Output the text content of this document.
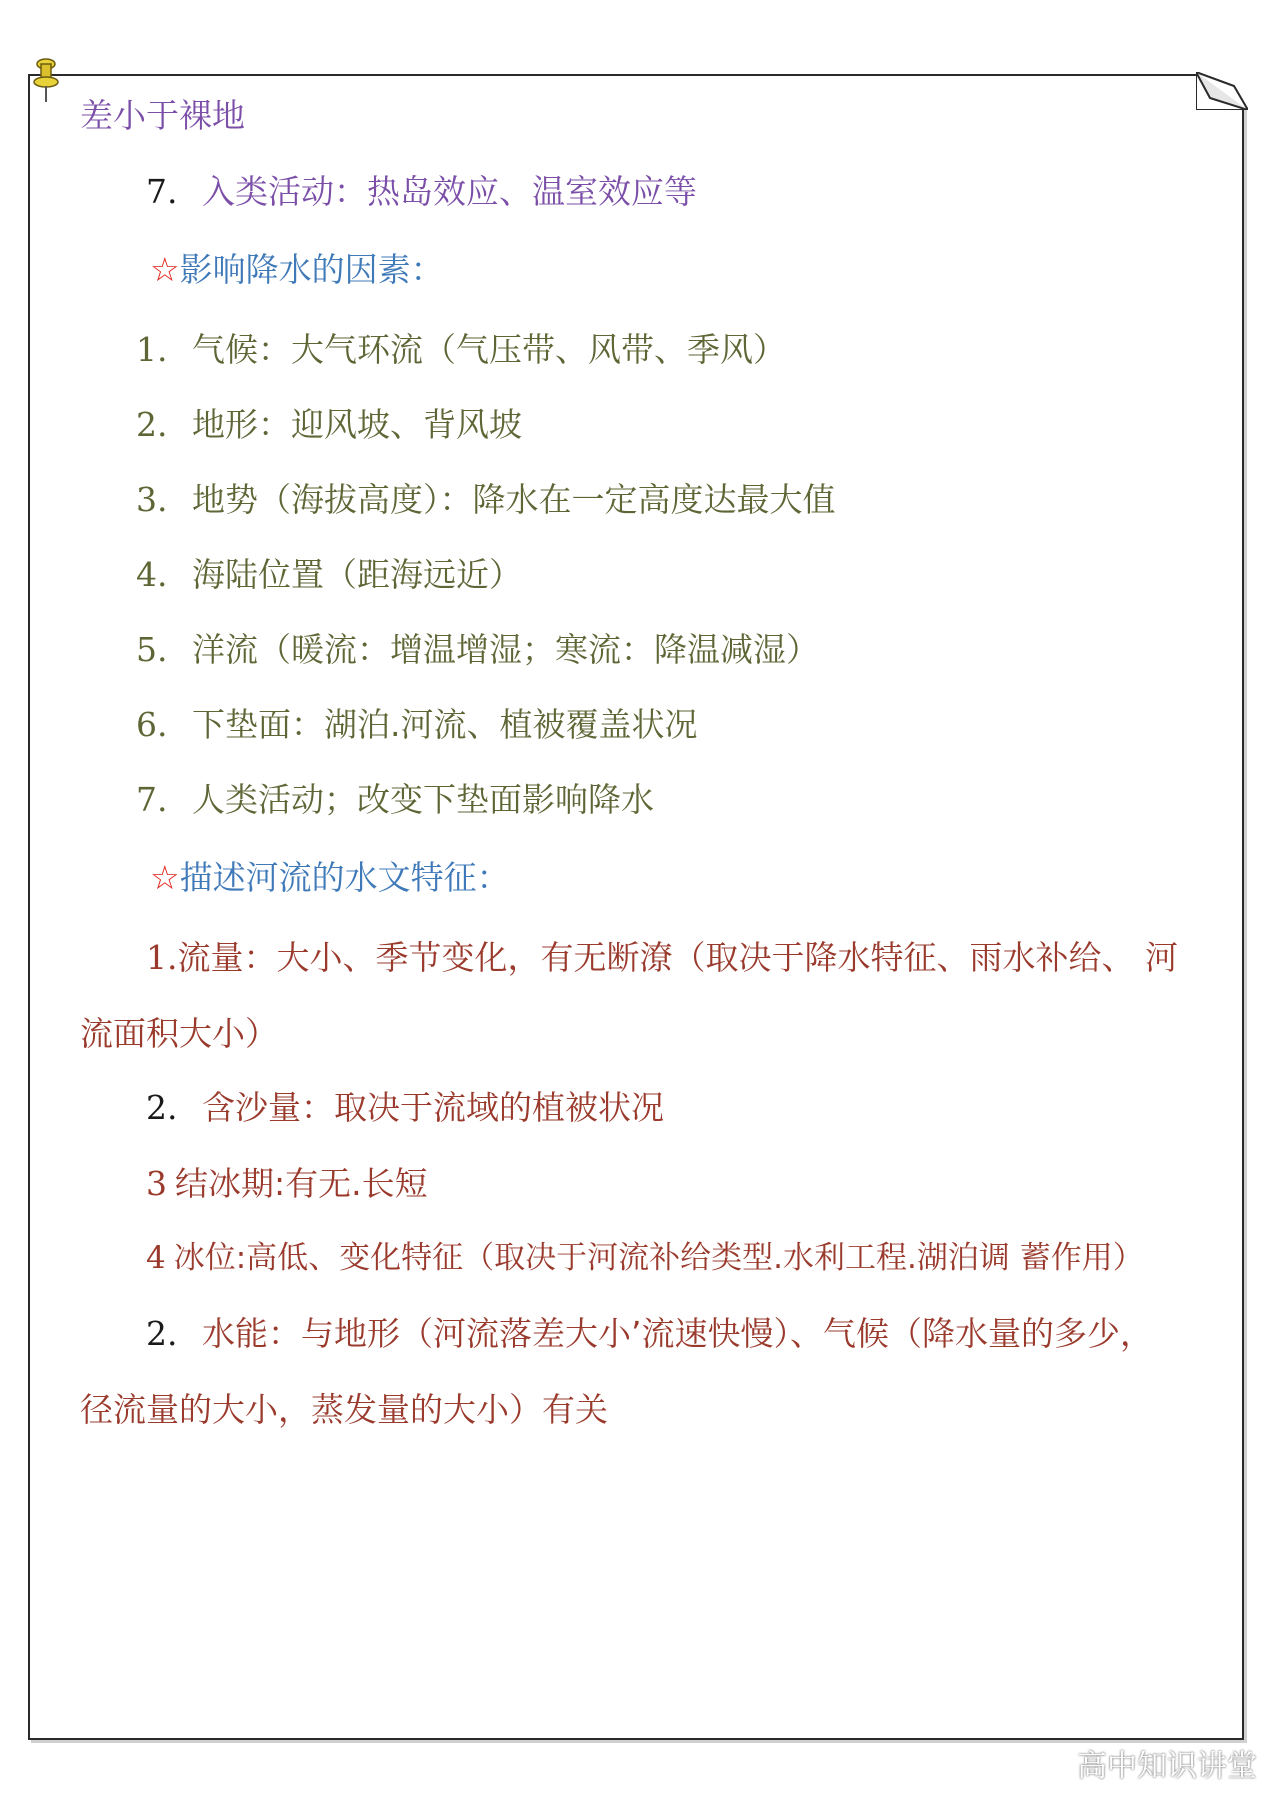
差小于裸地
7. 入类活动：热岛效应、温室效应等
☆影响降水的因素：
1. 气候：大气环流（气压带、风带、季风）
2. 地形：迎风坡、背风坡
3. 地势（海拔高度）：降水在一定高度达最大值
4. 海陆位置（距海远近）
5. 洋流（暖流：增温增湿；寒流：降温减湿）
6. 下垫面：湖泊.河流、植被覆盖状况
7. 人类活动；改变下垫面影响降水
☆描述河流的水文特征：
1.流量：大小、季节变化，有无断潦（取决于降水特征、雨水补给、 河
流面积大小）
2. 含沙量：取决于流域的植被状况
3 结冰期:有无.长短
4 冰位:高低、变化特征（取决于河流补给类型.水利工程.湖泊调 蓄作用）
2. 水能：与地形（河流落差大小’流速快慢）、气候（降水量的多少，
径流量的大小，蒸发量的大小）有关
高中知识讲堂
